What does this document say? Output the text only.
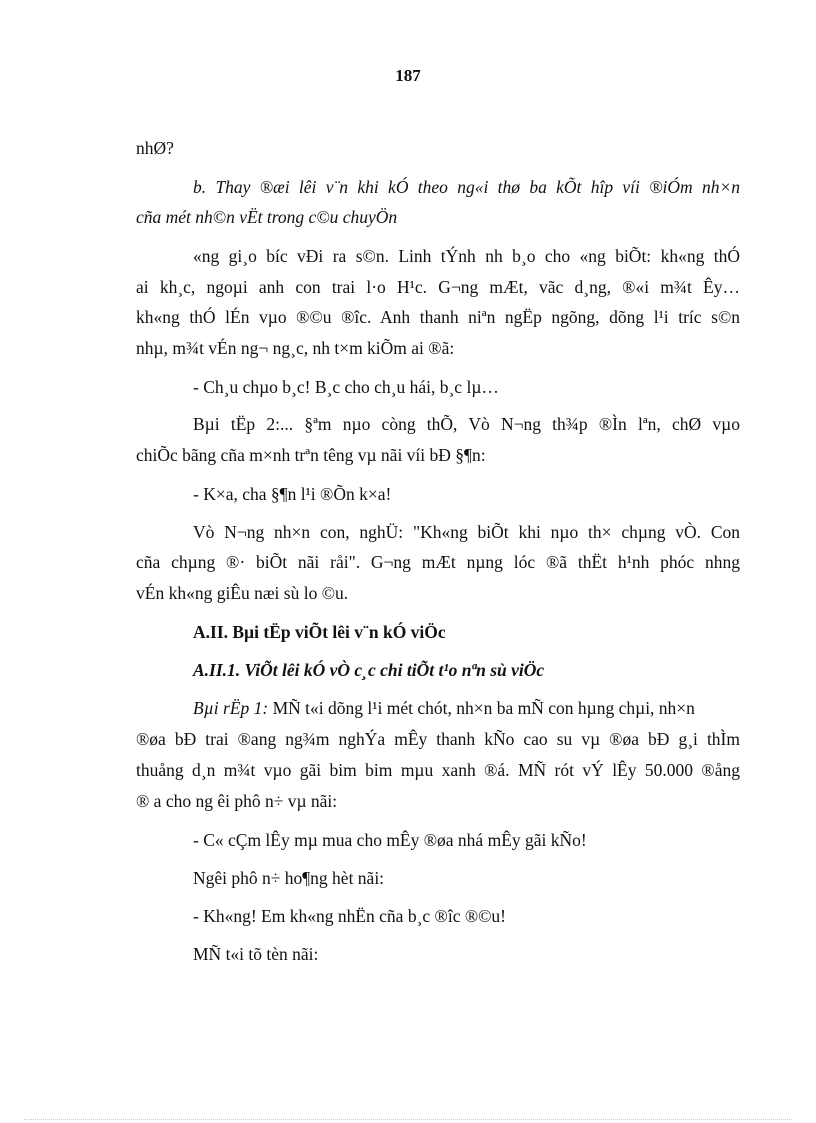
187
nhØ?
b. Thay ®æi lêi v¨n khi kÓ theo ng«i thø ba kÕt hîp víi ®iÓm nh×n
cña mét nh©n vËt trong c©u chuyÖn
«ng gi¸o bíc vÐi ra s©n. Linh tÝnh nh b¸o cho «ng biÕt: kh«ng thÓ
ai kh¸c, ngoµi anh con trai l·o H¹c. G¬ng mÆt, vãc d¸ng, ®«i m¾t Êy…
kh«ng thÓ lÉn vµo ®©u ®îc. Anh thanh niªn ngËp ngõng, dõng l¹i tríc s©n
nhµ, m¾t vÉn ng¬ ng¸c, nh t×m kiÕm ai ®ã:
- Ch¸u chµo b¸c! B¸c cho ch¸u hái, b¸c lµ…
Bµi tËp 2:... §ªm nµo còng thÕ, Vò N¬ng th¾p ®Ìn lªn, chØ vµo
chiÕc bãng cña m×nh trªn têng vµ nãi víi bÐ §¶n:
- K×a, cha §¶n l¹i ®Õn k×a!
Vò N¬ng nh×n con, nghÜ: "Kh«ng biÕt khi nµo th× chµng vÒ. Con
cña chµng ®· biÕt nãi råi". G¬ng mÆt nµng lóc ®ã thËt h¹nh phóc nhng
vÉn kh«ng giÊu næi sù lo ©u.
A.II. Bµi tËp viÕt lêi v¨n kÓ viÖc
A.II.1. ViÕt lêi kÓ vÒ c¸c chi tiÕt t¹o nªn sù viÖc
Bµi rËp 1: MÑ t«i dõng l¹i mét chót, nh×n ba mÑ con hµng chµi, nh×n
®øa bÐ trai ®ang ng¾m nghÝa mÊy thanh kÑo cao su vµ ®øa bÐ g¸i thÌm
thuång d¸n m¾t vµo gãi bim bim mµu xanh ®á. MÑ rót vÝ lÊy 50.000 ®ång
® a cho ng êi phô n÷ vµ nãi:
- C« cÇm lÊy mµ mua cho mÊy ®øa nhá mÊy gãi kÑo!
Ngêi phô n÷ ho¶ng hèt nãi:
- Kh«ng! Em kh«ng nhËn cña b¸c ®îc ®©u!
MÑ t«i tõ tèn nãi:
